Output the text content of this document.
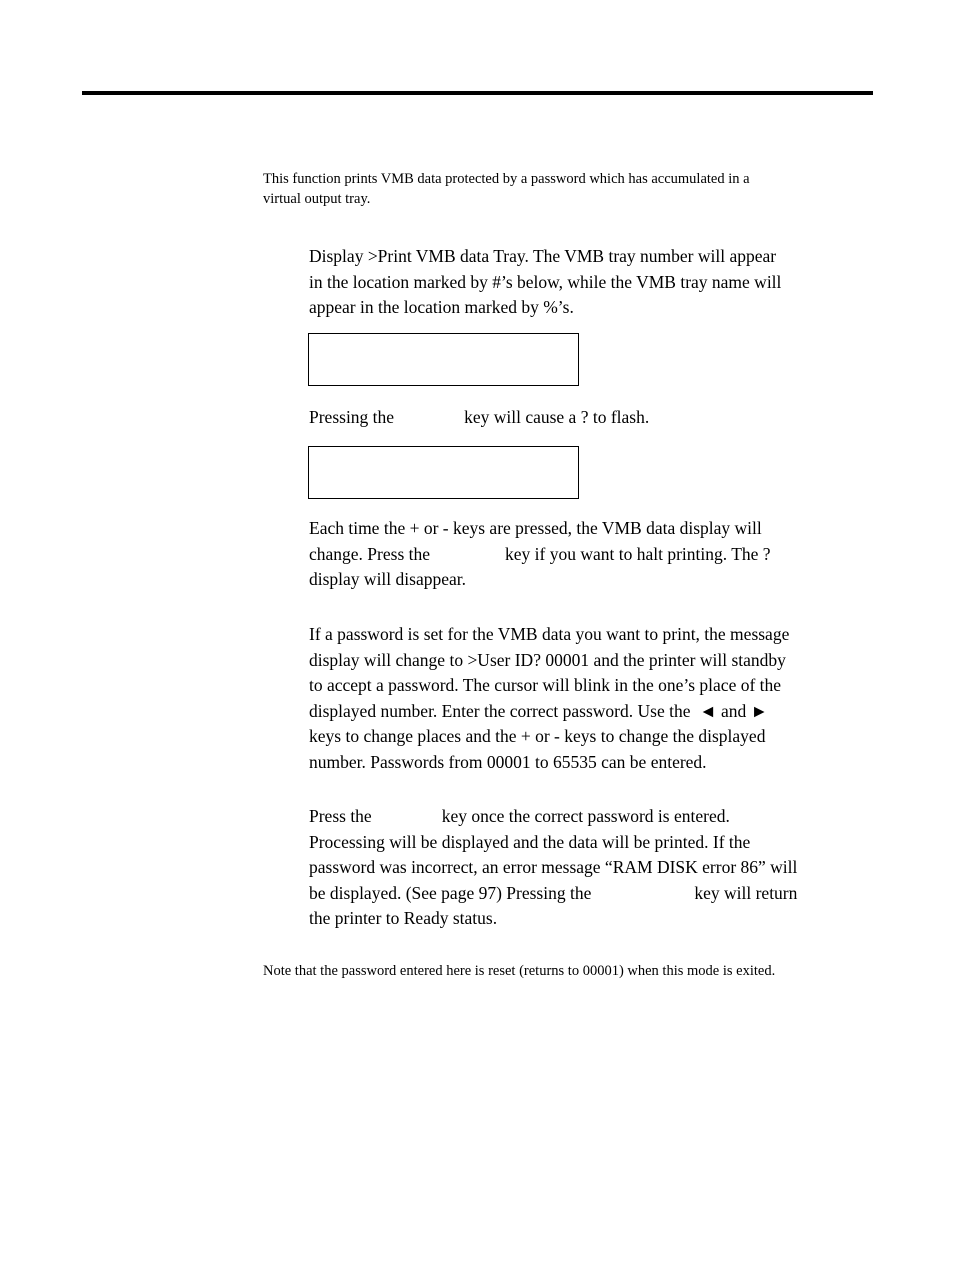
This function prints VMB data protected by a password which has accumulated in a
virtual output tray.

Display >Print VMB data Tray. The VMB tray number will appear
in the location marked by #’s below, while the VMB tray name will
appear in the location marked by %’s.

Pressing the	key will cause a ? to flash.

Each time the + or - keys are pressed, the VMB data display will
change. Press the	key if you want to halt printing. The ?
display will disappear.

If a password is set for the VMB data you want to print, the message
display will change to >User ID? 00001 and the printer will standby
to accept a password. The cursor will blink in the one’s place of the
displayed number. Enter the correct password. Use the ◄ and ►
keys to change places and the + or - keys to change the displayed
number. Passwords from 00001 to 65535 can be entered.

Press the	key once the correct password is entered.
Processing will be displayed and the data will be printed. If the
password was incorrect, an error message “RAM DISK error 86” will
be displayed. (See page 97) Pressing the	key will return
the printer to Ready status.

Note that the password entered here is reset (returns to 00001) when this mode is exited.
